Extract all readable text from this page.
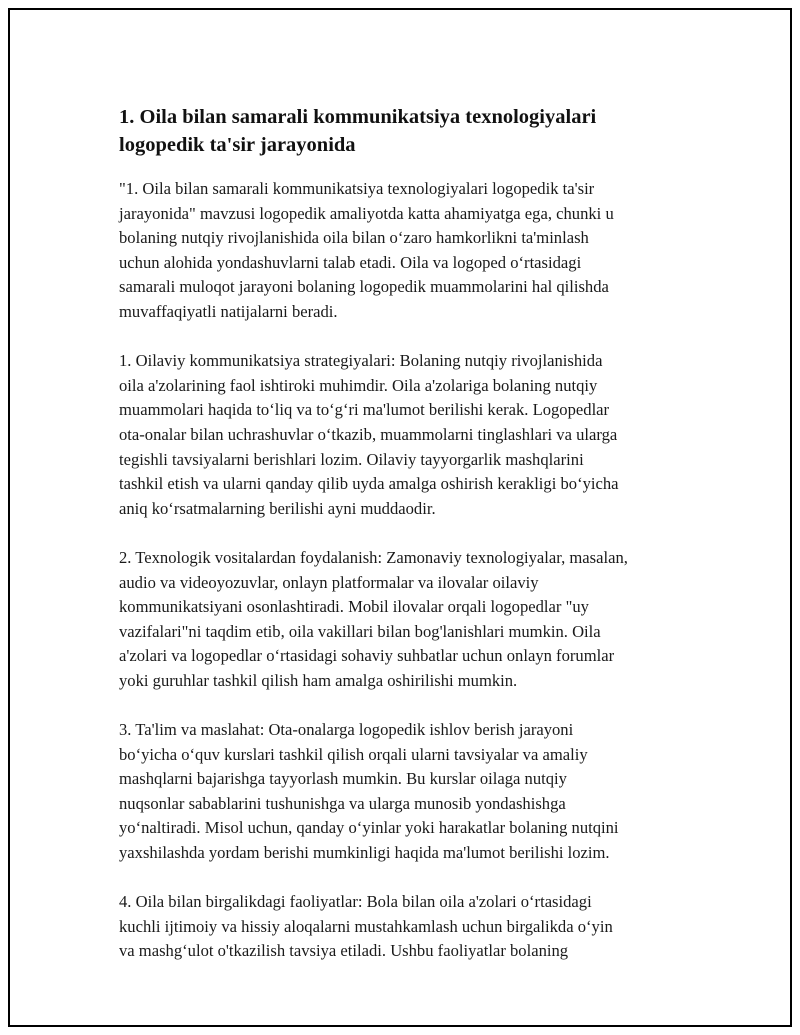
1. Oila bilan samarali kommunikatsiya texnologiyalari
logopedik ta'sir jarayonida

"1. Oila bilan samarali kommunikatsiya texnologiyalari logopedik ta'sir
jarayonida" mavzusi logopedik amaliyotda katta ahamiyatga ega, chunki u
bolaning nutqiy rivojlanishida oila bilan o‘zaro hamkorlikni ta'minlash
uchun alohida yondashuvlarni talab etadi. Oila va logoped o‘rtasidagi
samarali muloqot jarayoni bolaning logopedik muammolarini hal qilishda
muvaffaqiyatli natijalarni beradi.

1. Oilaviy kommunikatsiya strategiyalari: Bolaning nutqiy rivojlanishida
oila a'zolarining faol ishtiroki muhimdir. Oila a'zolariga bolaning nutqiy
muammolari haqida to‘liq va to‘g‘ri ma'lumot berilishi kerak. Logopedlar
ota-onalar bilan uchrashuvlar o‘tkazib, muammolarni tinglashlari va ularga
tegishli tavsiyalarni berishlari lozim. Oilaviy tayyorgarlik mashqlarini
tashkil etish va ularni qanday qilib uyda amalga oshirish kerakligi bo‘yicha
aniq ko‘rsatmalarning berilishi ayni muddaodir.

2. Texnologik vositalardan foydalanish: Zamonaviy texnologiyalar, masalan,
audio va videoyozuvlar, onlayn platformalar va ilovalar oilaviy
kommunikatsiyani osonlashtiradi. Mobil ilovalar orqali logopedlar "uy
vazifalari"ni taqdim etib, oila vakillari bilan bog'lanishlari mumkin. Oila
a'zolari va logopedlar o‘rtasidagi sohaviy suhbatlar uchun onlayn forumlar
yoki guruhlar tashkil qilish ham amalga oshirilishi mumkin.

3. Ta'lim va maslahat: Ota-onalarga logopedik ishlov berish jarayoni
bo‘yicha o‘quv kurslari tashkil qilish orqali ularni tavsiyalar va amaliy
mashqlarni bajarishga tayyorlash mumkin. Bu kurslar oilaga nutqiy
nuqsonlar sabablarini tushunishga va ularga munosib yondashishga
yo‘naltiradi. Misol uchun, qanday o‘yinlar yoki harakatlar bolaning nutqini
yaxshilashda yordam berishi mumkinligi haqida ma'lumot berilishi lozim.

4. Oila bilan birgalikdagi faoliyatlar: Bola bilan oila a'zolari o‘rtasidagi
kuchli ijtimoiy va hissiy aloqalarni mustahkamlash uchun birgalikda o‘yin
va mashg‘ulot o'tkazilish tavsiya etiladi. Ushbu faoliyatlar bolaning
